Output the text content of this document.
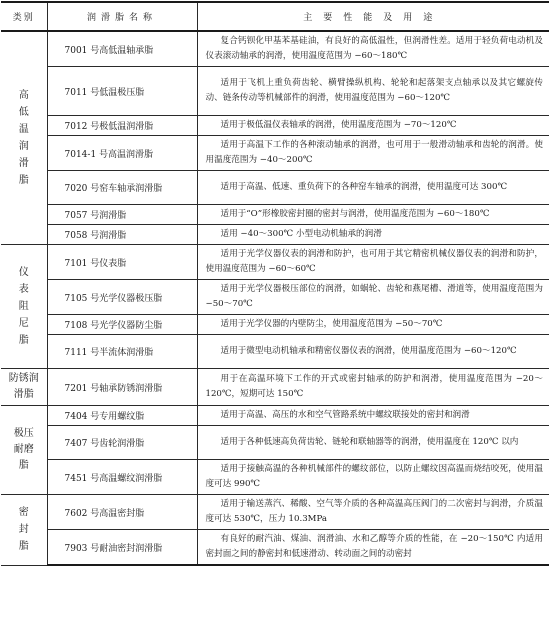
类别	润滑脂名称	主要性能及用途
高低温润滑脂	7001 号高低温轴承脂	复合钙钡化甲基苯基硅油，有良好的高低温性，但润滑性差。适用于轻负荷电动机及仪表滚动轴承的润滑，使用温度范围为 −60～180℃
	7011 号低温极压脂	适用于飞机上重负荷齿轮、横臂操纵机构、轮轮和起落架支点轴承以及其它螺旋传动、链条传动等机械部件的润滑，使用温度范围为 −60～120℃
	7012 号极低温润滑脂	适用于极低温仪表轴承的润滑，使用温度范围为 −70～120℃
	7014-1 号高温润滑脂	适用于高温下工作的各种滚动轴承的润滑，也可用于一般滑动轴承和齿轮的润滑。使用温度范围为 −40～200℃
	7020 号窑车轴承润滑脂	适用于高温、低速、重负荷下的各种窑车轴承的润滑，使用温度可达 300℃
	7057 号润滑脂	适用于“O”形橡胶密封圈的密封与润滑，使用温度范围为 −60～180℃
	7058 号润滑脂	适用 −40～300℃ 小型电动机轴承的润滑
仪表阻尼脂	7101 号仪表脂	适用于光学仪器仪表的润滑和防护，也可用于其它精密机械仪器仪表的润滑和防护，使用温度范围为 −60～60℃
	7105 号光学仪器极压脂	适用于光学仪器极压部位的润滑，如蜗轮、齿轮和燕尾槽、滑道等，使用温度范围为 −50～70℃
	7108 号光学仪器防尘脂	适用于光学仪器的内壁防尘，使用温度范围为 −50～70℃
	7111 号半流体润滑脂	适用于微型电动机轴承和精密仪器仪表的润滑，使用温度范围为 −60～120℃
防锈润滑脂	7201 号轴承防锈润滑脂	用于在高温环境下工作的开式或密封轴承的防护和润滑，使用温度范围为 −20～120℃，短期可达 150℃
极压耐磨脂	7404 号专用螺纹脂	适用于高温、高压的水和空气管路系统中螺纹联接处的密封和润滑
	7407 号齿轮润滑脂	适用于各种低速高负荷齿轮、链轮和联轴器等的润滑，使用温度在 120℃ 以内
	7451 号高温螺纹润滑脂	适用于接触高温的各种机械部件的螺纹部位，以防止螺纹因高温而烧结咬死，使用温度可达 990℃
密封脂	7602 号高温密封脂	适用于输送蒸汽、稀酸、空气等介质的各种高温高压阀门的二次密封与润滑，介质温度可达 530℃，压力 10.3MPa
	7903 号耐油密封润滑脂	有良好的耐汽油、煤油、润滑油、水和乙醇等介质的性能，在 −20～150℃ 内适用密封面之间的静密封和低速滑动、转动面之间的动密封
